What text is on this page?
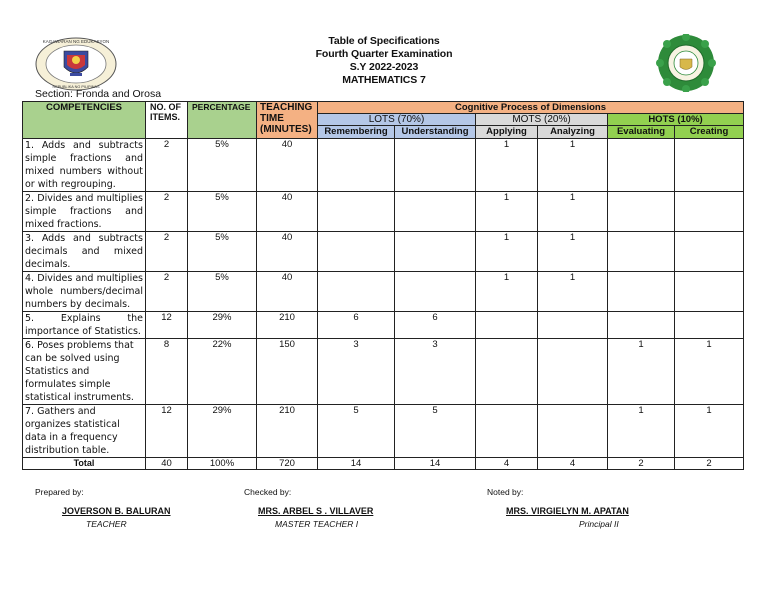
KAGAWARAN NG EDUKASYON
REPUBLIKA NG PILIPINAS
Table of Specifications
Fourth Quarter Examination
S.Y 2022-2023
MATHEMATICS 7
Section: Fronda and Orosa
COMPETENCIES	NO. OF ITEMS.	PERCENTAGE	TEACHING TIME (MINUTES)	Cognitive Process of Dimensions					
				LOTS (70%)		MOTS (20%)		HOTS (10%)	
				Remembering	Understanding	Applying	Analyzing	Evaluating	Creating
1. Adds and subtracts simple fractions and mixed numbers without or with regrouping.	2	5%	40			1	1		
2. Divides and multiplies simple fractions and mixed fractions.	2	5%	40			1	1		
3. Adds and subtracts decimals and mixed decimals.	2	5%	40			1	1		
4. Divides and multiplies whole numbers/decimal numbers by decimals.	2	5%	40			1	1		
5. Explains the importance of Statistics.	12	29%	210	6	6				
6. Poses problems that can be solved using Statistics and formulates simple statistical instruments.	8	22%	150	3	3			1	1
7. Gathers and organizes statistical data in a frequency distribution table.	12	29%	210	5	5			1	1
Total	40	100%	720	14	14	4	4	2	2
Prepared by:	Checked by:	Noted by:
JOVERSON B. BALURAN	MRS. ARBEL S . VILLAVER	MRS. VIRGIELYN M. APATAN
TEACHER	MASTER TEACHER I	Principal II
